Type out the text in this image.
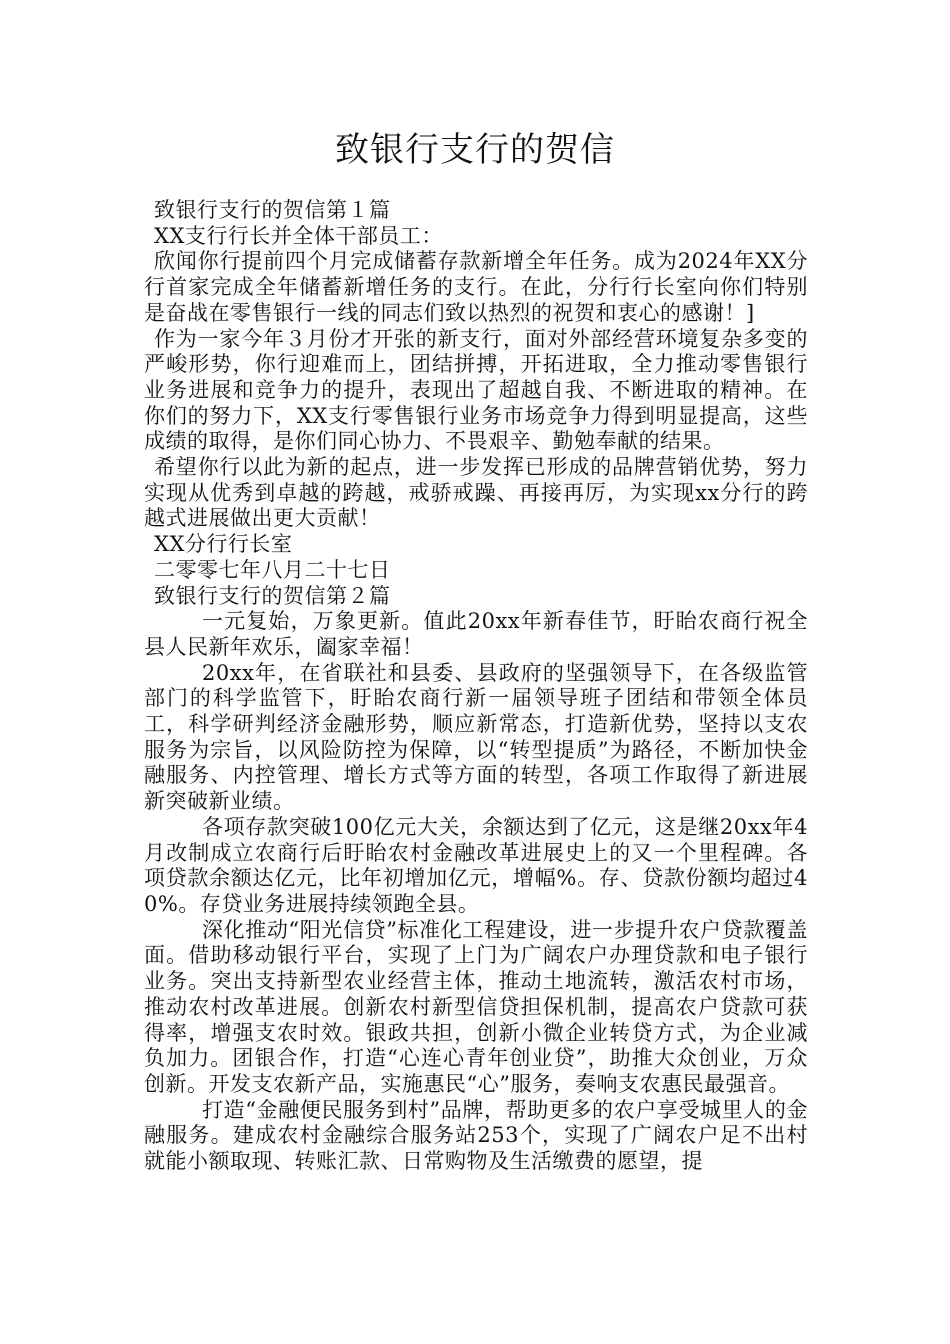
致银行支行的贺信

致银行支行的贺信第１篇

XX支行行长并全体干部员工：

欣闻你行提前四个月完成储蓄存款新增全年任务。成为2024年XX分行首家完成全年储蓄新增任务的支行。在此，分行行长室向你们特别是奋战在零售银行一线的同志们致以热烈的祝贺和衷心的感谢！]

作为一家今年３月份才开张的新支行，面对外部经营环境复杂多变的严峻形势，你行迎难而上，团结拼搏，开拓进取，全力推动零售银行业务进展和竞争力的提升，表现出了超越自我、不断进取的精神。在你们的努力下，XX支行零售银行业务市场竞争力得到明显提高，这些成绩的取得，是你们同心协力、不畏艰辛、勤勉奉献的结果。

希望你行以此为新的起点，进一步发挥已形成的品牌营销优势，努力实现从优秀到卓越的跨越，戒骄戒躁、再接再厉，为实现xx分行的跨越式进展做出更大贡献！

XX分行行长室

二零零七年八月二十七日

致银行支行的贺信第２篇

一元复始，万象更新。值此20xx年新春佳节，盱眙农商行祝全县人民新年欢乐，阖家幸福！

20xx年，在省联社和县委、县政府的坚强领导下，在各级监管部门的科学监管下，盱眙农商行新一届领导班子团结和带领全体员工，科学研判经济金融形势，顺应新常态，打造新优势，坚持以支农服务为宗旨，以风险防控为保障，以“转型提质”为路径，不断加快金融服务、内控管理、增长方式等方面的转型，各项工作取得了新进展新突破新业绩。

各项存款突破100亿元大关，余额达到了亿元，这是继20xx年4月改制成立农商行后盱眙农村金融改革进展史上的又一个里程碑。各项贷款余额达亿元，比年初增加亿元，增幅%。存、贷款份额均超过40%。存贷业务进展持续领跑全县。

深化推动“阳光信贷”标准化工程建设，进一步提升农户贷款覆盖面。借助移动银行平台，实现了上门为广阔农户办理贷款和电子银行业务。突出支持新型农业经营主体，推动土地流转，激活农村市场，推动农村改革进展。创新农村新型信贷担保机制，提高农户贷款可获得率，增强支农时效。银政共担，创新小微企业转贷方式，为企业减负加力。团银合作，打造“心连心青年创业贷”，助推大众创业，万众创新。开发支农新产品，实施惠民“心”服务，奏响支农惠民最强音。

打造“金融便民服务到村”品牌，帮助更多的农户享受城里人的金融服务。建成农村金融综合服务站253个，实现了广阔农户足不出村就能小额取现、转账汇款、日常购物及生活缴费的愿望，提
